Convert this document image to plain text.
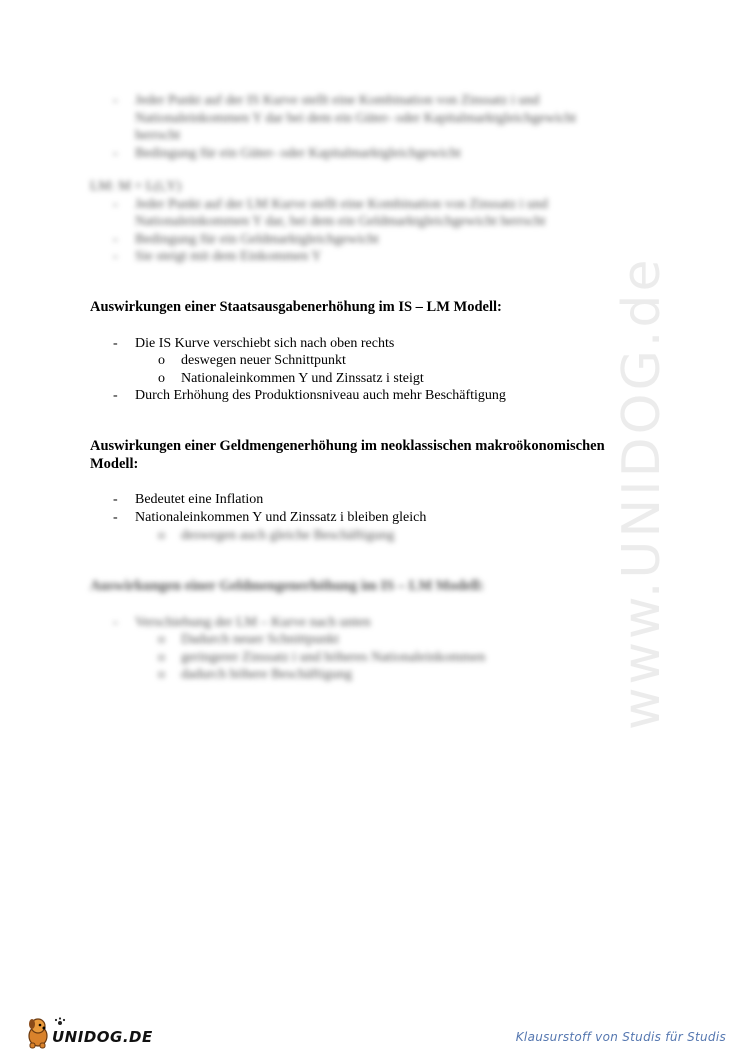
www.UNIDOG.de
- Jeder Punkt auf der IS Kurve stellt eine Kombination von Zinssatz i und
Nationaleinkommen Y dar bei dem ein Güter- oder Kapitalmarktgleichgewicht
herrscht
- Bedingung für ein Güter- oder Kapitalmarktgleichgewicht
LM: M = L(i,Y)
- Jeder Punkt auf der LM Kurve stellt eine Kombination von Zinssatz i und
Nationaleinkommen Y dar, bei dem ein Geldmarktgleichgewicht herrscht
- Bedingung für ein Geldmarktgleichgewicht
- Sie steigt mit dem Einkommen Y
Auswirkungen einer Staatsausgabenerhöhung im IS – LM Modell:
- Die IS Kurve verschiebt sich nach oben rechts
o deswegen neuer Schnittpunkt
o Nationaleinkommen Y und Zinssatz i steigt
- Durch Erhöhung des Produktionsniveau auch mehr Beschäftigung
Auswirkungen einer Geldmengenerhöhung im neoklassischen makroökonomischen
Modell:
- Bedeutet eine Inflation
- Nationaleinkommen Y und Zinssatz i bleiben gleich
o deswegen auch gleiche Beschäftigung
Auswirkungen einer Geldmengenerhöhung im IS – LM Modell:
- Verschiebung der LM – Kurve nach unten
o Dadurch neuer Schnittpunkt
o geringerer Zinssatz i und höheres Nationaleinkommen
o dadurch höhere Beschäftigung
UNIDOG.DE	Klausurstoff von Studis für Studis
